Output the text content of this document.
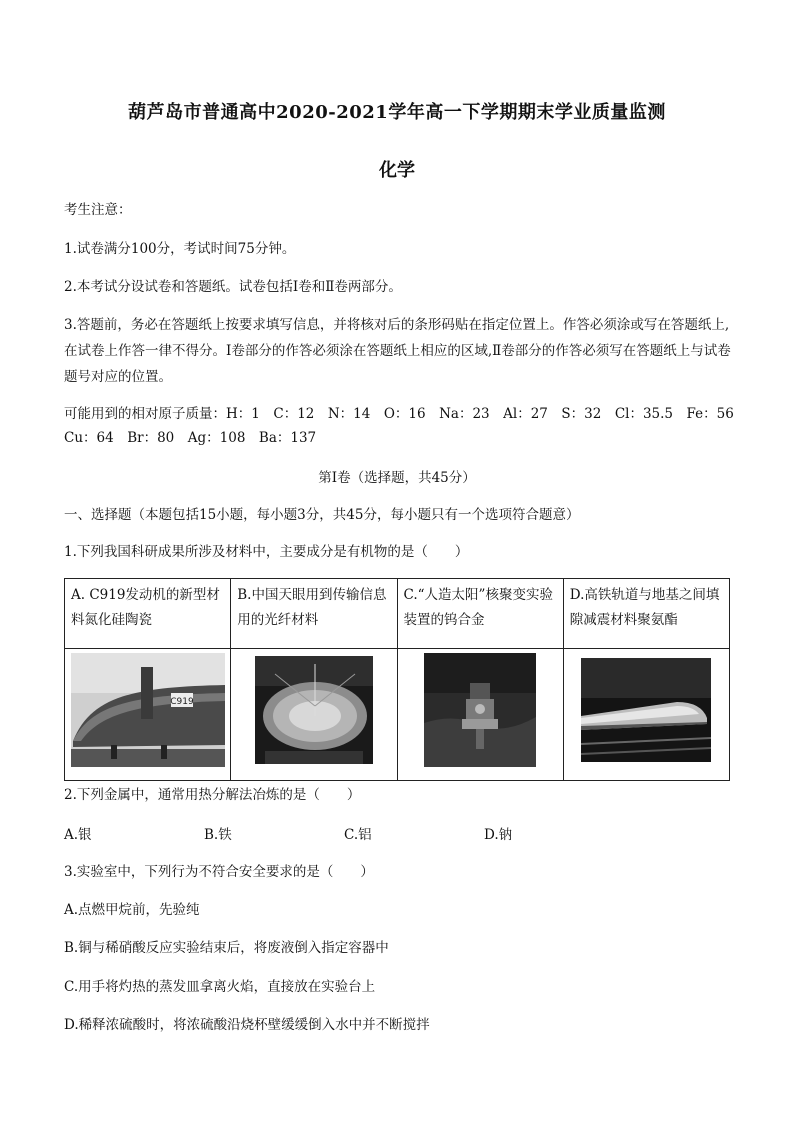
葫芦岛市普通高中2020-2021学年高一下学期期末学业质量监测
化学
考生注意：
1.试卷满分100分，考试时间75分钟。
2.本考试分设试卷和答题纸。试卷包括Ⅰ卷和Ⅱ卷两部分。
3.答题前，务必在答题纸上按要求填写信息，并将核对后的条形码贴在指定位置上。作答必须涂或写在答题纸上,在试卷上作答一律不得分。Ⅰ卷部分的作答必须涂在答题纸上相应的区域,Ⅱ卷部分的作答必须写在答题纸上与试卷题号对应的位置。
可能用到的相对原子质量：H：1　C：12　N：14　O：16　Na：23　Al：27　S：32　Cl：35.5　Fe：56
Cu：64　Br：80　Ag：108　Ba：137
第Ⅰ卷（选择题，共45分）
一、选择题（本题包括15小题，每小题3分，共45分，每小题只有一个选项符合题意）
1.下列我国科研成果所涉及材料中，主要成分是有机物的是（　　）
A. C919发动机的新型材料氮化硅陶瓷	B.中国天眼用到传输信息用的光纤材料	C.“人造太阳”核聚变实验装置的钨合金	D.高铁轨道与地基之间填隙减震材料聚氨酯

C919

2.下列金属中，通常用热分解法冶炼的是（　　）
A.银	B.铁	C.铝	D.钠
3.实验室中，下列行为不符合安全要求的是（　　）
A.点燃甲烷前，先验纯
B.铜与稀硝酸反应实验结束后，将废液倒入指定容器中
C.用手将灼热的蒸发皿拿离火焰，直接放在实验台上
D.稀释浓硫酸时，将浓硫酸沿烧杯壁缓缓倒入水中并不断搅拌
